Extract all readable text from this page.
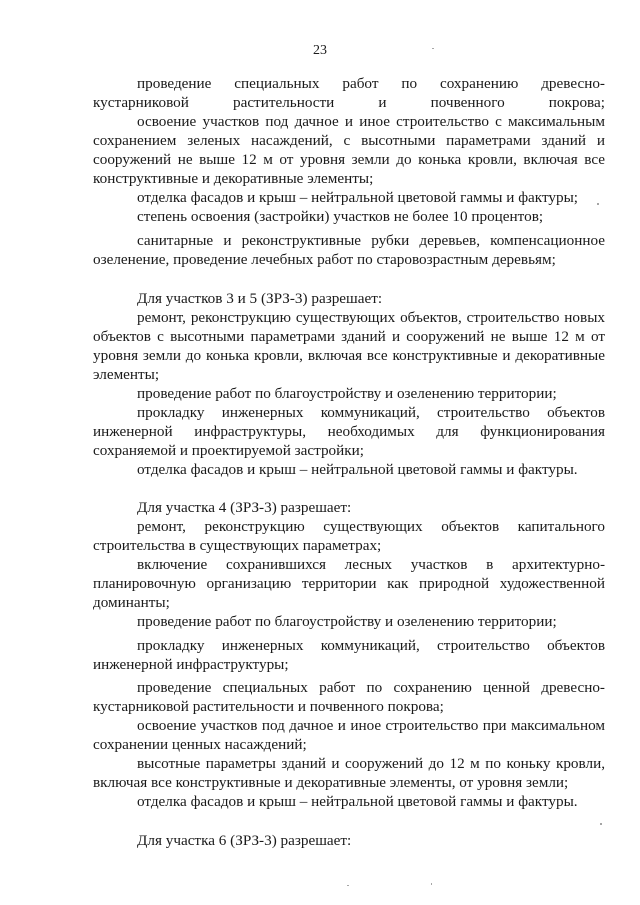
23
проведение специальных работ по сохранению древесно-кустарниковой растительности и почвенного покрова;
освоение участков под дачное и иное строительство с максимальным сохранением зеленых насаждений, с высотными параметрами зданий и сооружений не выше 12 м от уровня земли до конька кровли, включая все конструктивные и декоративные элементы;
отделка фасадов и крыш – нейтральной цветовой гаммы и фактуры;
степень освоения (застройки) участков не более 10 процентов;
санитарные и реконструктивные рубки деревьев, компенсационное озеленение, проведение лечебных работ по старовозрастным деревьям;
Для участков 3 и 5 (ЗРЗ-3) разрешает:
ремонт, реконструкцию существующих объектов, строительство новых объектов с высотными параметрами зданий и сооружений не выше 12 м от уровня земли до конька кровли, включая все конструктивные и декоративные элементы;
проведение работ по благоустройству и озеленению территории;
прокладку инженерных коммуникаций, строительство объектов инженерной инфраструктуры, необходимых для функционирования сохраняемой и проектируемой застройки;
отделка фасадов и крыш – нейтральной цветовой гаммы и фактуры.
Для участка 4 (ЗРЗ-3) разрешает:
ремонт, реконструкцию существующих объектов капитального строительства в существующих параметрах;
включение сохранившихся лесных участков в архитектурно-планировочную организацию территории как природной художественной доминанты;
проведение работ по благоустройству и озеленению территории;
прокладку инженерных коммуникаций, строительство объектов инженерной инфраструктуры;
проведение специальных работ по сохранению ценной древесно-кустарниковой растительности и почвенного покрова;
освоение участков под дачное и иное строительство при максимальном сохранении ценных насаждений;
высотные параметры зданий и сооружений до 12 м по коньку кровли, включая все конструктивные и декоративные элементы, от уровня земли;
отделка фасадов и крыш – нейтральной цветовой гаммы и фактуры.
Для участка 6 (ЗРЗ-3) разрешает:
